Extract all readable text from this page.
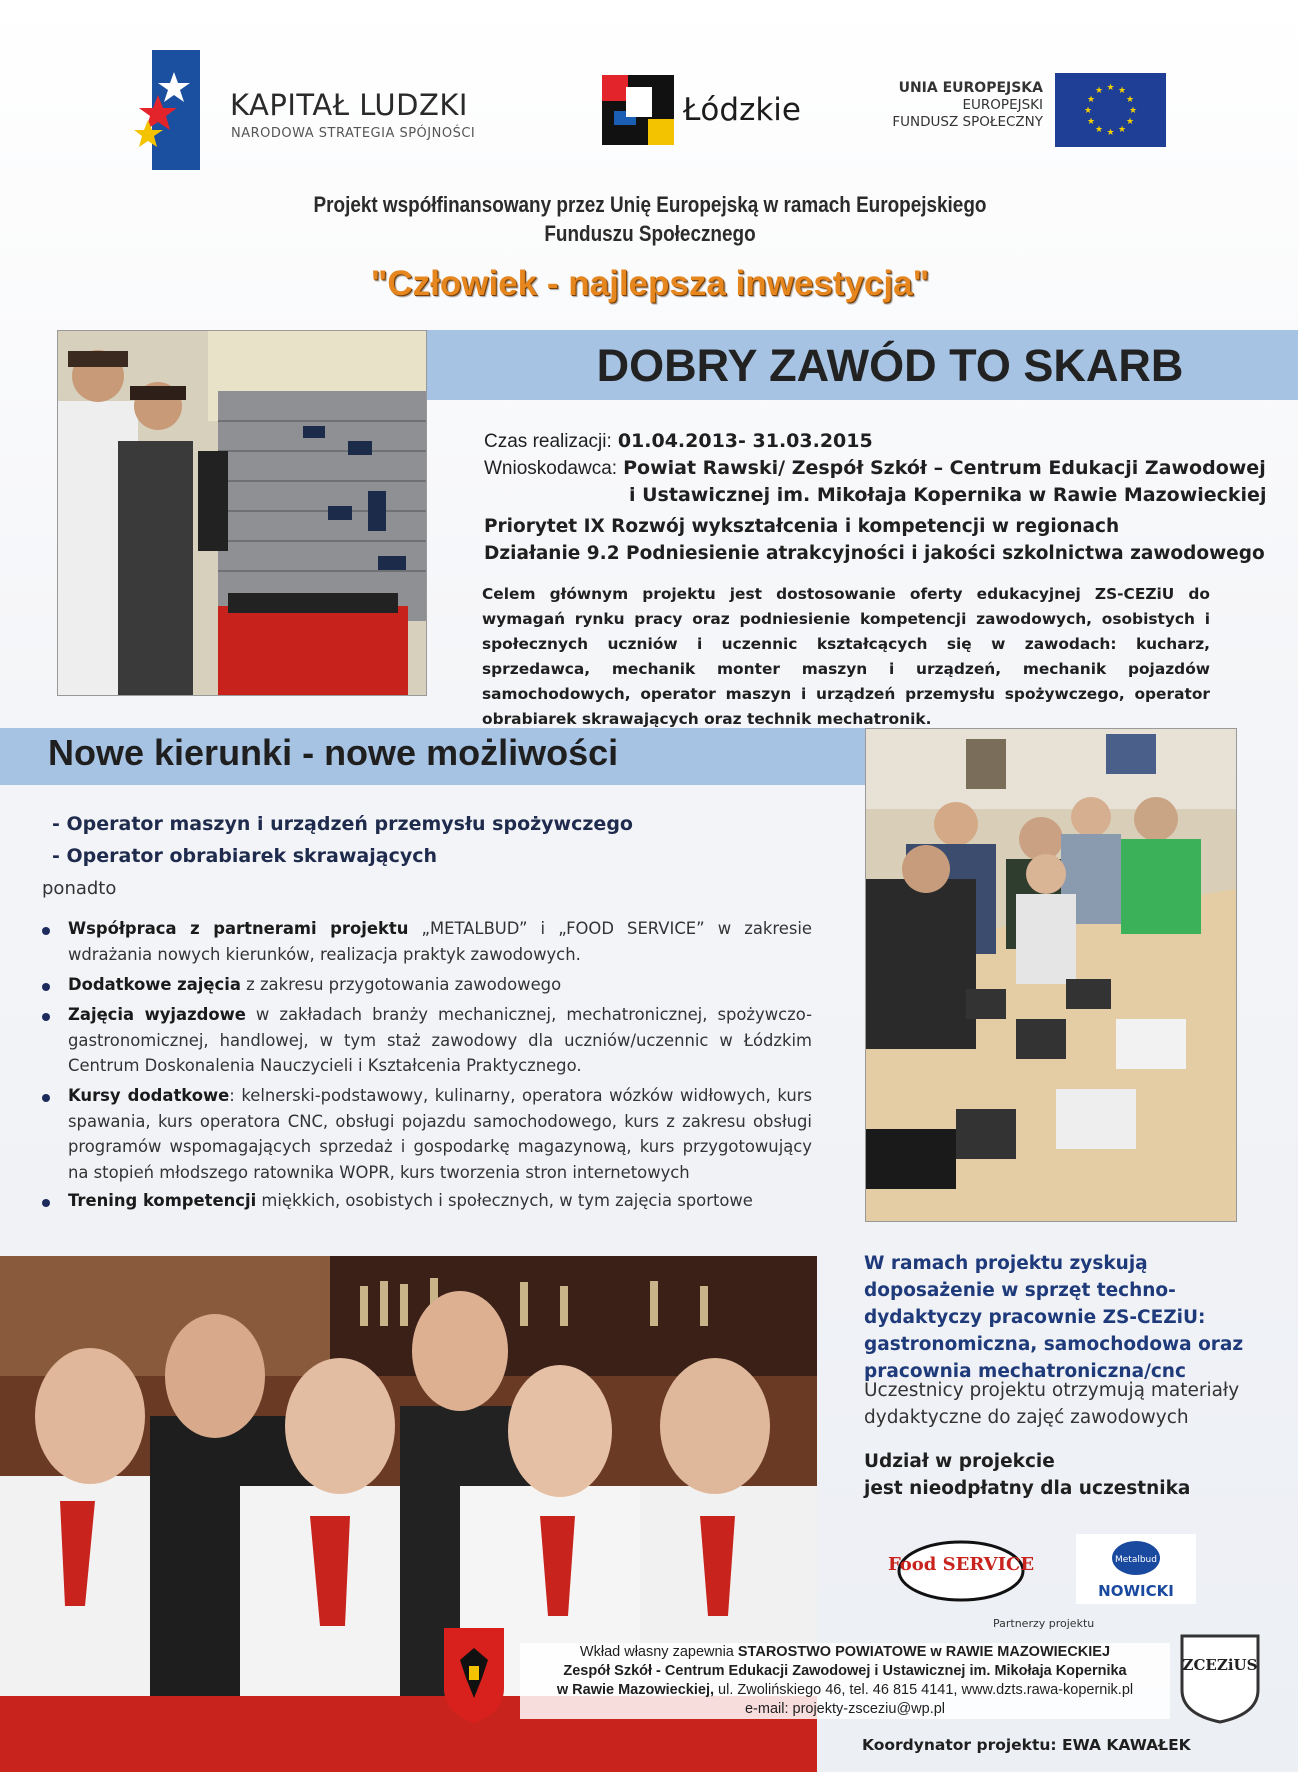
KAPITAŁ LUDZKI
NARODOWA STRATEGIA SPÓJNOŚCI
Łódzkie
UNIA EUROPEJSKA
EUROPEJSKI
FUNDUSZ SPOŁECZNY
★ ★
★
★
★
★
★
★
★
★
★
★
Projekt współfinansowany przez Unię Europejską w ramach Europejskiego
Funduszu Społecznego
"Człowiek - najlepsza inwestycja"
DOBRY ZAWÓD TO SKARB
Czas realizacji: 01.04.2013- 31.03.2015
Wnioskodawca: Powiat Rawski/ Zespół Szkół – Centrum Edukacji Zawodowej
i Ustawicznej im. Mikołaja Kopernika w Rawie Mazowieckiej
Priorytet IX Rozwój wykształcenia i kompetencji w regionach
Działanie 9.2 Podniesienie atrakcyjności i jakości szkolnictwa zawodowego
Celem głównym projektu jest dostosowanie oferty edukacyjnej ZS-CEZiU do wymagań rynku pracy oraz podniesienie kompetencji zawodowych, osobistych i społecznych uczniów i uczennic kształcących się w zawodach: kucharz, sprzedawca, mechanik monter maszyn i urządzeń, mechanik pojazdów samochodowych, operator maszyn i urządzeń przemysłu spożywczego, operator obrabiarek skrawających oraz technik mechatronik.
Nowe kierunki - nowe możliwości
- Operator maszyn i urządzeń przemysłu spożywczego
- Operator obrabiarek skrawających
ponadto
Współpraca z partnerami projektu „METALBUD” i „FOOD SERVICE” w zakresie wdrażania nowych kierunków, realizacja praktyk zawodowych.
Dodatkowe zajęcia z zakresu przygotowania zawodowego
Zajęcia wyjazdowe w zakładach branży mechanicznej, mechatronicznej, spożywczo-gastronomicznej, handlowej, w tym staż zawodowy dla uczniów/uczennic w Łódzkim Centrum Doskonalenia Nauczycieli i Kształcenia Praktycznego.
Kursy dodatkowe: kelnerski-podstawowy, kulinarny, operatora wózków widłowych, kurs spawania, kurs operatora CNC, obsługi pojazdu samochodowego, kurs z zakresu obsługi programów wspomagających sprzedaż i gospodarkę magazynową, kurs przygotowujący na stopień młodszego ratownika WOPR, kurs tworzenia stron internetowych
Trening kompetencji miękkich, osobistych i społecznych, w tym zajęcia sportowe
W ramach projektu zyskują doposażenie w sprzęt techno-dydaktyczy pracownie ZS-CEZiU: gastronomiczna, samochodowa oraz pracownia mechatroniczna/cnc
Uczestnicy projektu otrzymują materiały dydaktyczne do zajęć zawodowych
Udział w projekcie
jest nieodpłatny dla uczestnika
Food SERVICE	Metalbud
NOWICKI
Partnerzy projektu
Wkład własny zapewnia STAROSTWO POWIATOWE w RAWIE MAZOWIECKIEJ
Zespół Szkół - Centrum Edukacji Zawodowej i Ustawicznej im. Mikołaja Kopernika
w Rawie Mazowieckiej, ul. Zwolińskiego 46, tel. 46 815 4141, www.dzts.rawa-kopernik.pl
e-mail: projekty-zsceziu@wp.pl
ZCEZiUS
Koordynator projektu: EWA KAWAŁEK
